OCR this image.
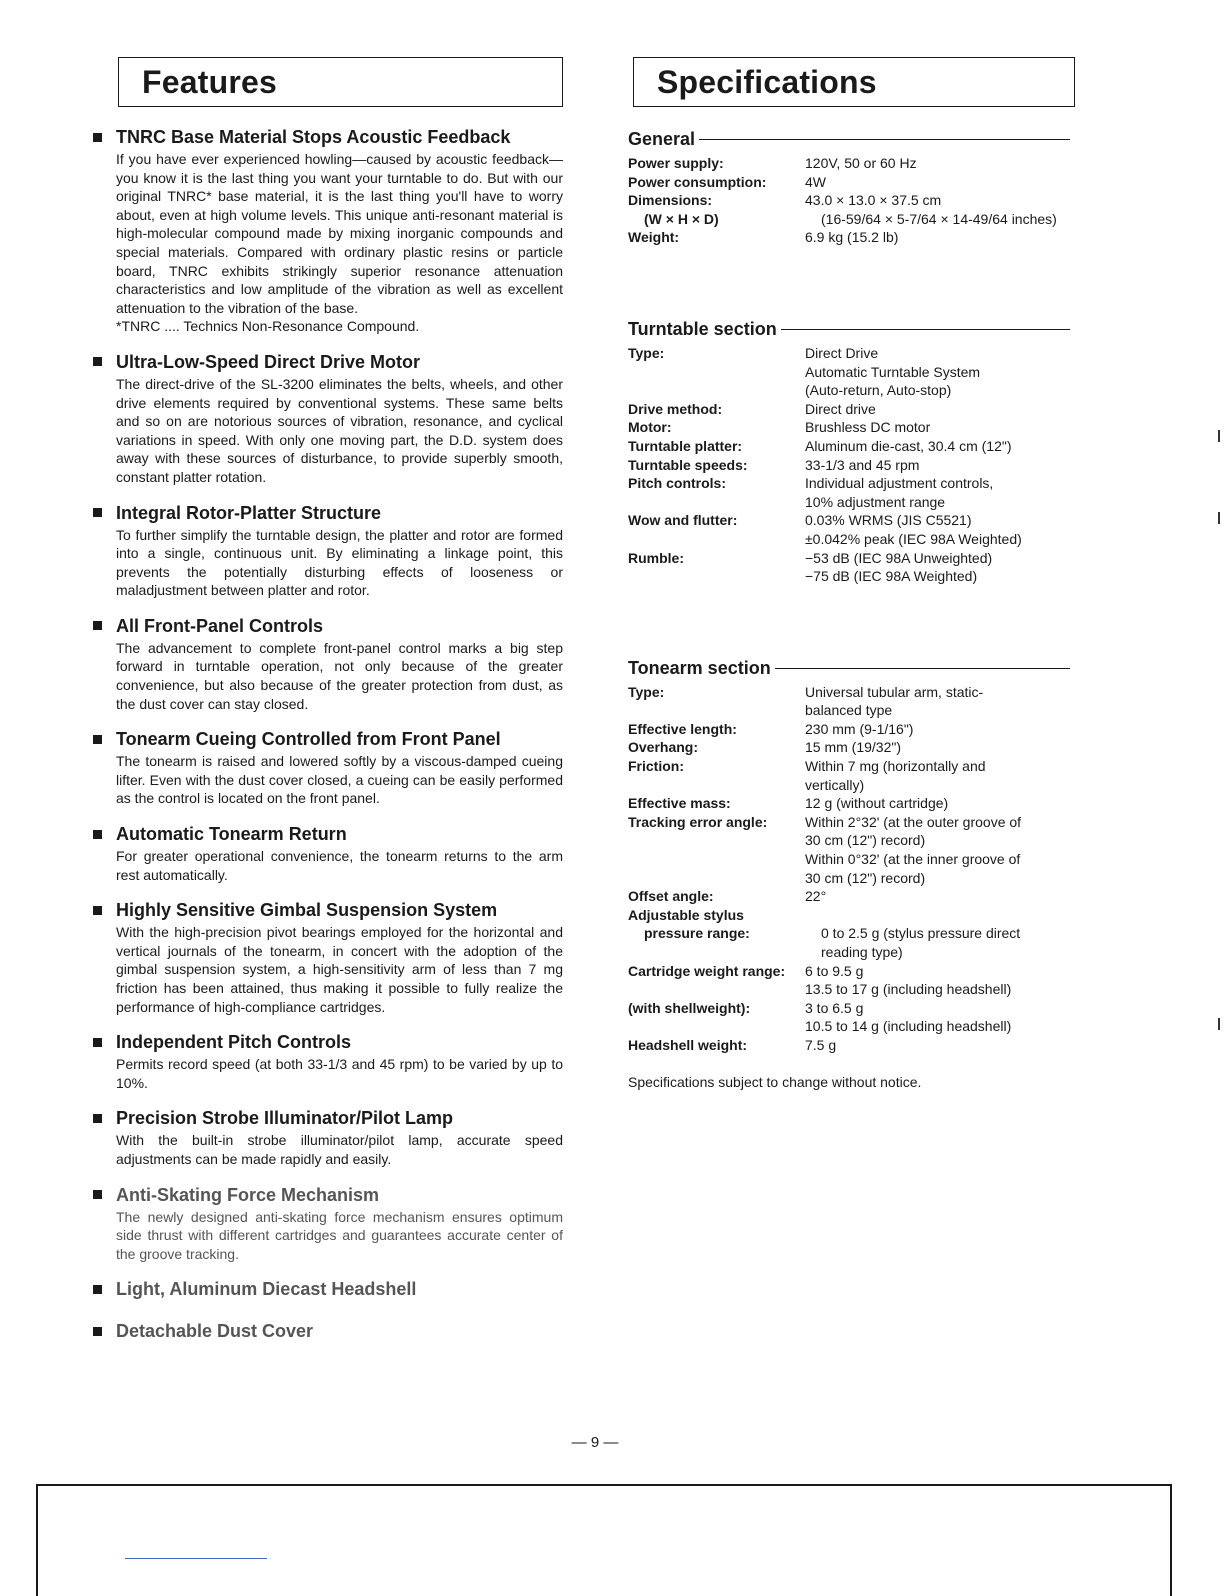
Features
TNRC Base Material Stops Acoustic Feedback

If you have ever experienced howling—caused by acoustic feedback—you know it is the last thing you want your turntable to do. But with our original TNRC* base material, it is the last thing you'll have to worry about, even at high volume levels. This unique anti-resonant material is high-molecular compound made by mixing inorganic compounds and special materials. Compared with ordinary plastic resins or particle board, TNRC exhibits strikingly superior resonance attenuation characteristics and low amplitude of the vibration as well as excellent attenuation to the vibration of the base.

*TNRC .... Technics Non-Resonance Compound.

Ultra-Low-Speed Direct Drive Motor

The direct-drive of the SL-3200 eliminates the belts, wheels, and other drive elements required by conventional systems. These same belts and so on are notorious sources of vibration, resonance, and cyclical variations in speed. With only one moving part, the D.D. system does away with these sources of disturbance, to provide superbly smooth, constant platter rotation.

Integral Rotor-Platter Structure

To further simplify the turntable design, the platter and rotor are formed into a single, continuous unit. By eliminating a linkage point, this prevents the potentially disturbing effects of looseness or maladjustment between platter and rotor.

All Front-Panel Controls

The advancement to complete front-panel control marks a big step forward in turntable operation, not only because of the greater convenience, but also because of the greater protection from dust, as the dust cover can stay closed.

Tonearm Cueing Controlled from Front Panel

The tonearm is raised and lowered softly by a viscous-damped cueing lifter. Even with the dust cover closed, a cueing can be easily performed as the control is located on the front panel.

Automatic Tonearm Return

For greater operational convenience, the tonearm returns to the arm rest automatically.

Highly Sensitive Gimbal Suspension System

With the high-precision pivot bearings employed for the horizontal and vertical journals of the tonearm, in concert with the adoption of the gimbal suspension system, a high-sensitivity arm of less than 7 mg friction has been attained, thus making it possible to fully realize the performance of high-compliance cartridges.

Independent Pitch Controls

Permits record speed (at both 33-1/3 and 45 rpm) to be varied by up to 10%.

Precision Strobe Illuminator/Pilot Lamp

With the built-in strobe illuminator/pilot lamp, accurate speed adjustments can be made rapidly and easily.

Anti-Skating Force Mechanism

The newly designed anti-skating force mechanism ensures optimum side thrust with different cartridges and guarantees accurate center of the groove tracking.

Light, Aluminum Diecast Headshell
Detachable Dust Cover
Specifications
General
Power supply:	120V, 50 or 60 Hz
Power consumption:	4W
Dimensions:	43.0 × 13.0 × 37.5 cm
(W × H × D)	(16-59/64 × 5-7/64 × 14-49/64 inches)
Weight:	6.9 kg (15.2 lb)
Turntable section
Type:	Direct Drive
Automatic Turntable System
(Auto-return, Auto-stop)
Drive method:	Direct drive
Motor:	Brushless DC motor
Turntable platter:	Aluminum die-cast, 30.4 cm (12")
Turntable speeds:	33-1/3 and 45 rpm
Pitch controls:	Individual adjustment controls,
10% adjustment range
Wow and flutter:	0.03% WRMS (JIS C5521)
±0.042% peak (IEC 98A Weighted)
Rumble:	−53 dB (IEC 98A Unweighted)
−75 dB (IEC 98A Weighted)
Tonearm section
Type:	Universal tubular arm, static-
balanced type
Effective length:	230 mm (9-1/16")
Overhang:	15 mm (19/32")
Friction:	Within 7 mg (horizontally and
vertically)
Effective mass:	12 g (without cartridge)
Tracking error angle:	Within 2°32' (at the outer groove of
30 cm (12") record)
Within 0°32' (at the inner groove of
30 cm (12") record)
Offset angle:	22°
Adjustable stylus
pressure range:	0 to 2.5 g (stylus pressure direct
reading type)
Cartridge weight range:	6 to 9.5 g
13.5 to 17 g (including headshell)
(with shellweight):	3 to 6.5 g
10.5 to 14 g (including headshell)
Headshell weight:	7.5 g
Specifications subject to change without notice.
— 9 —
